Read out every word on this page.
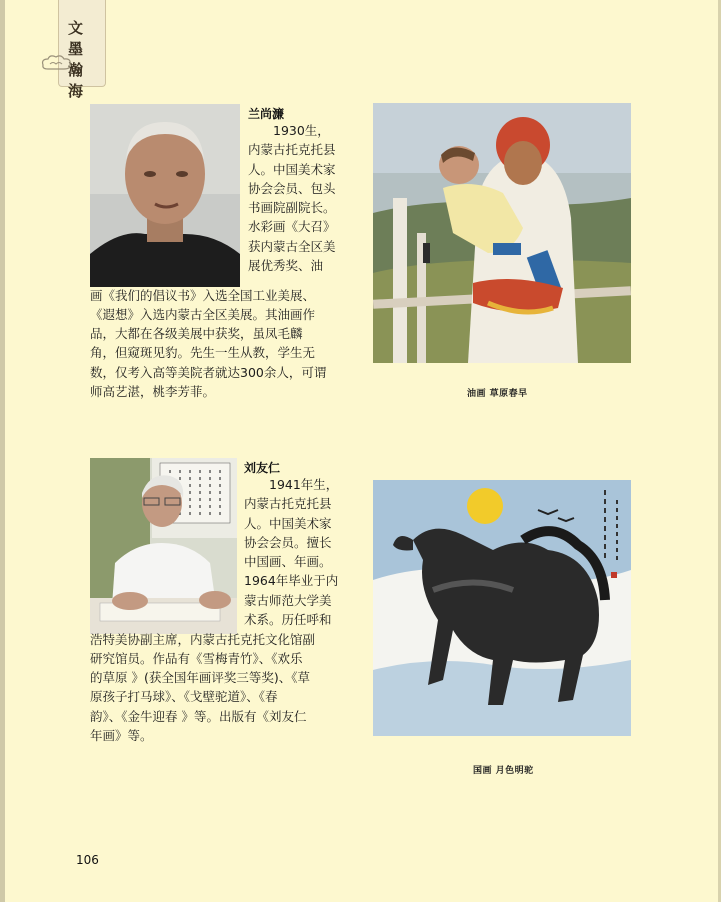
文墨瀚海
兰尚濂

　　1930生，
内蒙古托克托县
人。中国美术家
协会会员、包头
书画院副院长。
水彩画《大召》
获内蒙古全区美
展优秀奖、油

画《我们的倡议书》入选全国工业美展、
《遐想》入选内蒙古全区美展。其油画作
品，大都在各级美展中获奖，虽凤毛麟
角，但窥斑见豹。先生一生从教，学生无
数，仅考入高等美院者就达300余人，可谓
师高艺湛，桃李芳菲。	油画 草原春早
刘友仁

　　1941年生，
内蒙古托克托县
人。中国美术家
协会会员。擅长
中国画、年画。
1964年毕业于内
蒙古师范大学美
术系。历任呼和

浩特美协副主席，内蒙古托克托文化馆副
研究馆员。作品有《雪梅青竹》、《欢乐
的草原 》(获全国年画评奖三等奖)、《草
原孩子打马球》、《戈壁驼道》、《春
韵》、《金牛迎春 》等。出版有《刘友仁
年画》等。

国画 月色明驼
106
